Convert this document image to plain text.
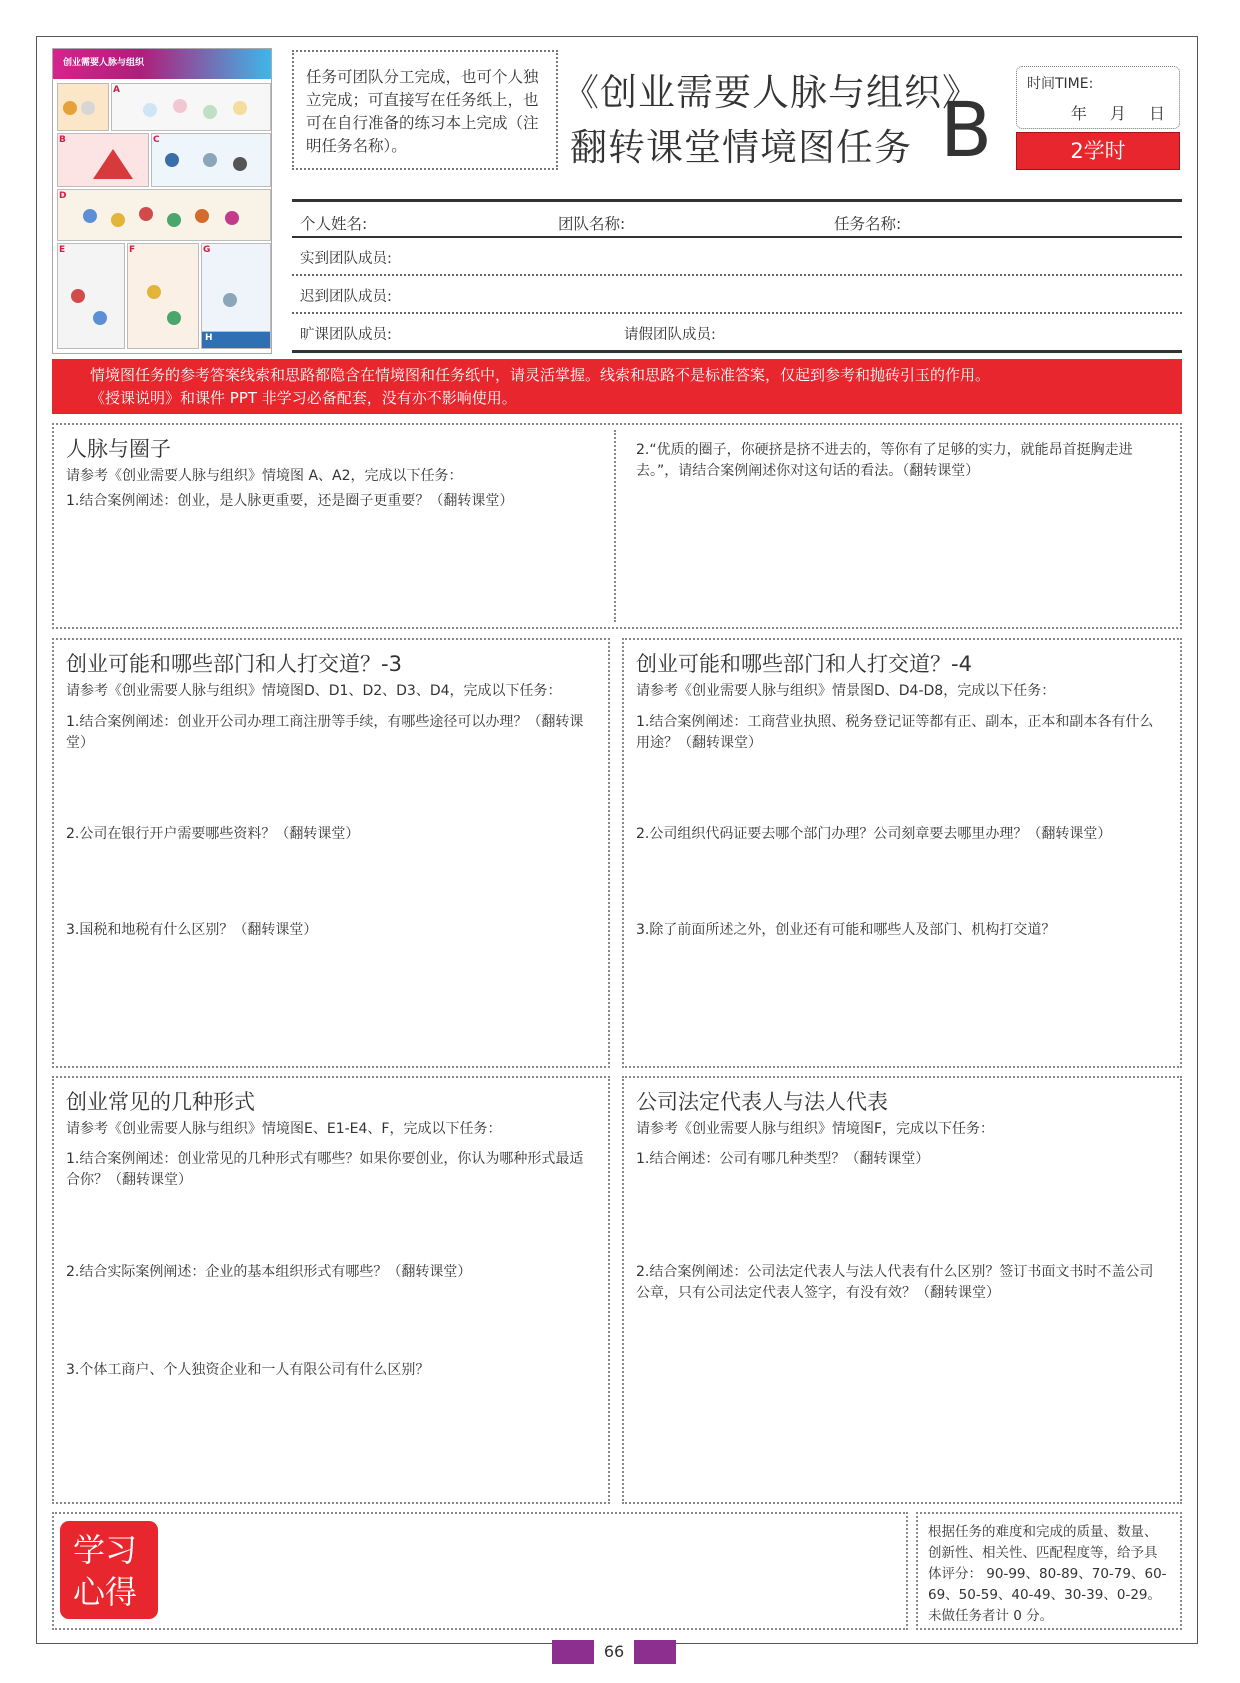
创业需要人脉与组织
A
B	C
D
E	F	G
H
任务可团队分工完成，也可个人独立完成；可直接写在任务纸上，也可在自行准备的练习本上完成（注明任务名称）。
《创业需要人脉与组织》
翻转课堂情境图任务 B
时间TIME:
年 月 日
2学时
个人姓名:	团队名称:	任务名称:
实到团队成员:
迟到团队成员:
旷课团队成员:	请假团队成员:
情境图任务的参考答案线索和思路都隐含在情境图和任务纸中，请灵活掌握。线索和思路不是标准答案，仅起到参考和抛砖引玉的作用。
《授课说明》和课件 PPT 非学习必备配套，没有亦不影响使用。
人脉与圈子
请参考《创业需要人脉与组织》情境图 A、A2，完成以下任务：
1.结合案例阐述：创业，是人脉更重要，还是圈子更重要？（翻转课堂）
2.“优质的圈子，你硬挤是挤不进去的，等你有了足够的实力，就能昂首挺胸走进去。”，请结合案例阐述你对这句话的看法。（翻转课堂）
创业可能和哪些部门和人打交道？-3
请参考《创业需要人脉与组织》情境图D、D1、D2、D3、D4，完成以下任务：
1.结合案例阐述：创业开公司办理工商注册等手续，有哪些途径可以办理？（翻转课堂）
2.公司在银行开户需要哪些资料？（翻转课堂）
3.国税和地税有什么区别？（翻转课堂）
创业可能和哪些部门和人打交道？-4
请参考《创业需要人脉与组织》情景图D、D4-D8，完成以下任务：
1.结合案例阐述：工商营业执照、税务登记证等都有正、副本，正本和副本各有什么用途？（翻转课堂）
2.公司组织代码证要去哪个部门办理？公司刻章要去哪里办理？（翻转课堂）
3.除了前面所述之外，创业还有可能和哪些人及部门、机构打交道？
创业常见的几种形式
请参考《创业需要人脉与组织》情境图E、E1-E4、F，完成以下任务：
1.结合案例阐述：创业常见的几种形式有哪些？如果你要创业，你认为哪种形式最适合你？（翻转课堂）
2.结合实际案例阐述：企业的基本组织形式有哪些？（翻转课堂）
3.个体工商户、个人独资企业和一人有限公司有什么区别？
公司法定代表人与法人代表
请参考《创业需要人脉与组织》情境图F，完成以下任务：
1.结合阐述：公司有哪几种类型？（翻转课堂）
2.结合案例阐述：公司法定代表人与法人代表有什么区别？签订书面文书时不盖公司公章，只有公司法定代表人签字，有没有效？（翻转课堂）
学习
心得
根据任务的难度和完成的质量、数量、创新性、相关性、匹配程度等，给予具体评分： 90-99、80-89、70-79、60-69、50-59、40-49、30-39、0-29。未做任务者计 0 分。
66
